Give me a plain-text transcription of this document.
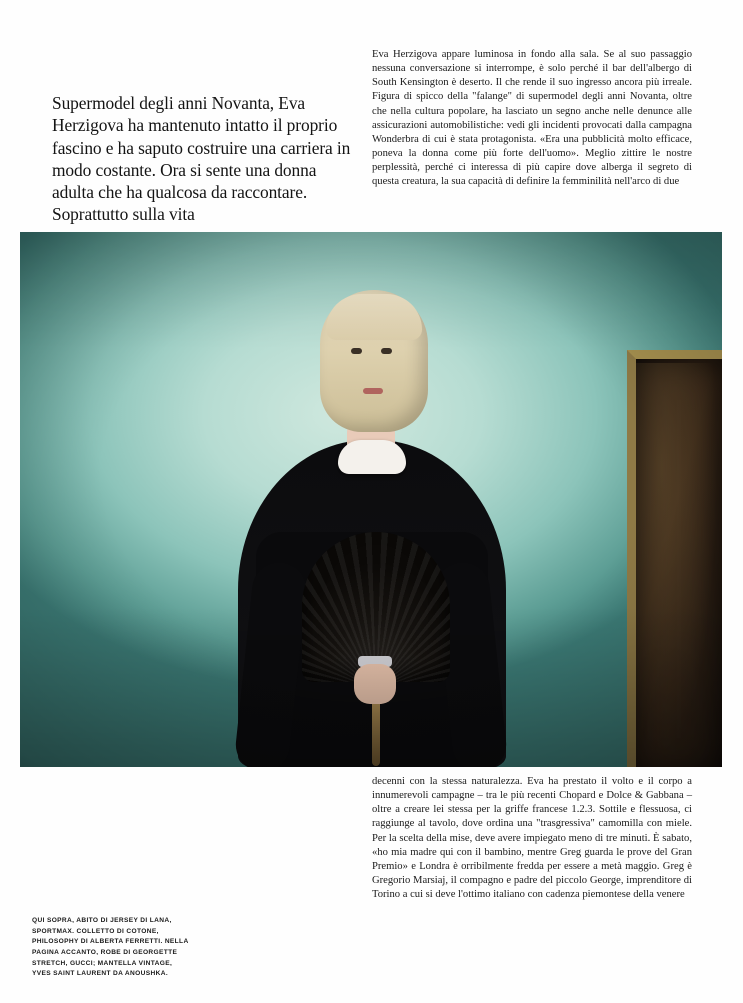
Supermodel degli anni Novanta, Eva Herzigova ha mantenuto intatto il proprio fascino e ha saputo costruire una carriera in modo costante. Ora si sente una donna adulta che ha qualcosa da raccontare. Soprattutto sulla vita
Eva Herzigova appare luminosa in fondo alla sala. Se al suo passaggio nessuna conversazione si interrompe, è solo perché il bar dell'albergo di South Kensington è deserto. Il che rende il suo ingresso ancora più irreale. Figura di spicco della "falange" di supermodel degli anni Novanta, oltre che nella cultura popolare, ha lasciato un segno anche nelle denunce alle assicurazioni automobilistiche: vedi gli incidenti provocati dalla campagna Wonderbra di cui è stata protagonista. «Era una pubblicità molto efficace, poneva la donna come più forte dell'uomo». Meglio zittire le nostre perplessità, perché ci interessa di più capire dove alberga il segreto di questa creatura, la sua capacità di definire la femminilità nell'arco di due
decenni con la stessa naturalezza. Eva ha prestato il volto e il corpo a innumerevoli campagne – tra le più recenti Chopard e Dolce & Gabbana – oltre a creare lei stessa per la griffe francese 1.2.3. Sottile e flessuosa, ci raggiunge al tavolo, dove ordina una "trasgressiva" camomilla con miele. Per la scelta della mise, deve avere impiegato meno di tre minuti. È sabato, «ho mia madre qui con il bambino, mentre Greg guarda le prove del Gran Premio» e Londra è orribilmente fredda per essere a metà maggio. Greg è Gregorio Marsiaj, il compagno e padre del piccolo George, imprenditore di Torino a cui si deve l'ottimo italiano con cadenza piemontese della venere
QUI SOPRA, ABITO DI JERSEY DI LANA, SPORTMAX. COLLETTO DI COTONE, PHILOSOPHY DI ALBERTA FERRETTI. NELLA PAGINA ACCANTO, ROBE DI GEORGETTE STRETCH, GUCCI; MANTELLA VINTAGE, YVES SAINT LAURENT DA ANOUSHKA.
